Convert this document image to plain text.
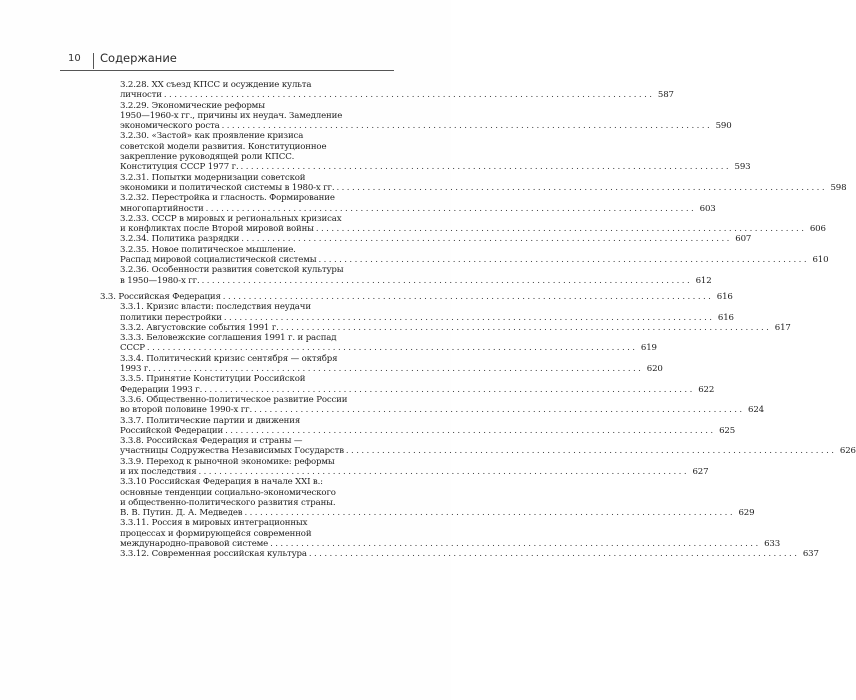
10 Содержание
3.2.28. XX съезд КПСС и осуждение культа
личности . . .	587
3.2.29. Экономические реформы
1950—1960-х гг., причины их неудач. Замедление
экономического роста . . .	590
3.2.30. «Застой» как проявление кризиса
советской модели развития. Конституционное
закрепление руководящей роли КПСС.
Конституция СССР 1977 г. . . .	593
3.2.31. Попытки модернизации советской
экономики и политической системы в 1980-х гг. . . .	598
3.2.32. Перестройка и гласность. Формирование
многопартийности . . .	603
3.2.33. СССР в мировых и региональных кризисах
и конфликтах после Второй мировой войны . . .	606
3.2.34. Политика разрядки . . .	607
3.2.35. Новое политическое мышление.
Распад мировой социалистической системы . . .	610
3.2.36. Особенности развития советской культуры
в 1950—1980-х гг. . . .	612
3.3. Российская Федерация . . .	616
3.3.1. Кризис власти: последствия неудачи
политики перестройки . . .	616
3.3.2. Августовские события 1991 г. . . .	617
3.3.3. Беловежские соглашения 1991 г. и распад
СССР . . .	619
3.3.4. Политический кризис сентября — октября
1993 г. . . .	620
3.3.5. Принятие Конституции Российской
Федерации 1993 г. . . .	622
3.3.6. Общественно-политическое развитие России
во второй половине 1990-х гг. . . .	624
3.3.7. Политические партии и движения
Российской Федерации . . .	625
3.3.8. Российская Федерация и страны —
участницы Содружества Независимых Государств . . .	626
3.3.9. Переход к рыночной экономике: реформы
и их последствия . . .	627
3.3.10 Российская Федерация в начале XXI в.:
основные тенденции социально-экономического
и общественно-политического развития страны.
В. В. Путин. Д. А. Медведев . . .	629
3.3.11. Россия в мировых интеграционных
процессах и формирующейся современной
международно-правовой системе . . .	633
3.3.12. Современная российская культура . . .	637
